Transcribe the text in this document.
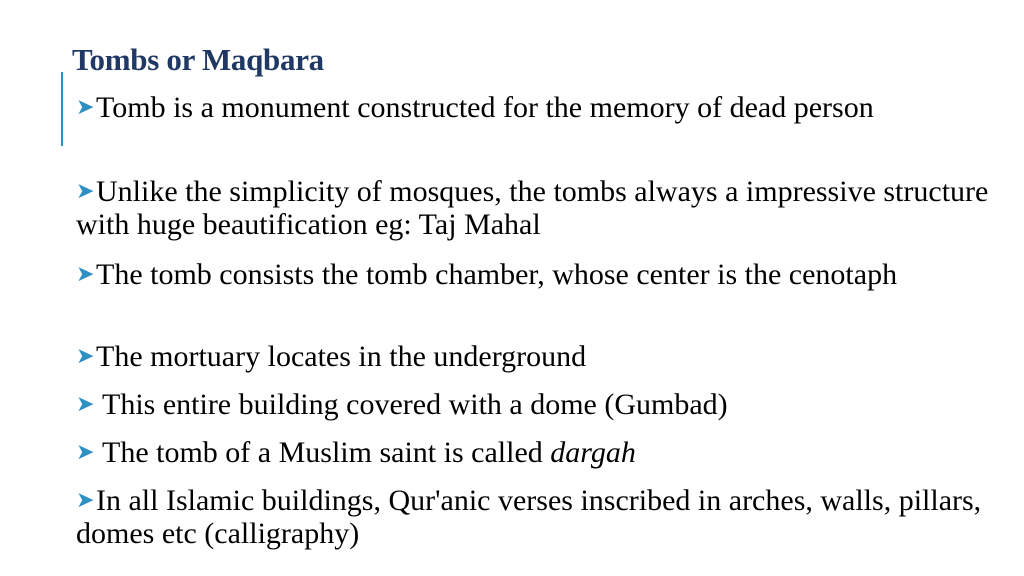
Tombs or Maqbara
➤Tomb is a monument constructed for the memory of dead person
➤Unlike the simplicity of mosques, the tombs always a impressive structure with huge beautification eg: Taj Mahal
➤The tomb consists the tomb chamber, whose center is the cenotaph
➤The mortuary locates in the underground
➤ This entire building covered with a dome (Gumbad)
➤ The tomb of a Muslim saint is called dargah
➤In all Islamic buildings, Qur'anic verses inscribed in arches, walls, pillars, domes etc (calligraphy)
